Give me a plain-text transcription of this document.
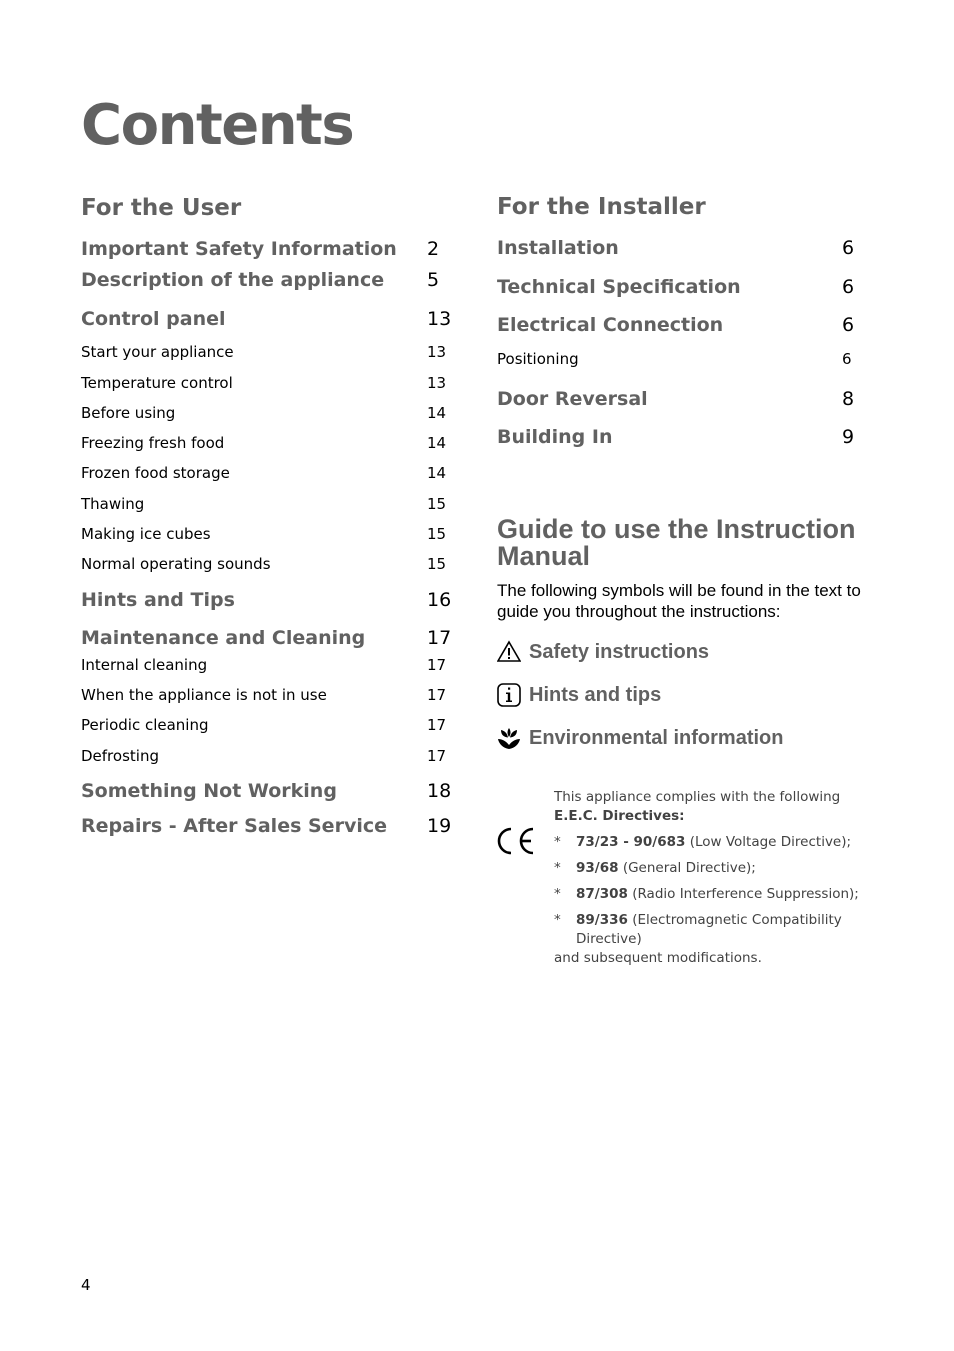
Contents
For the User
Important Safety Information 2
Description of the appliance 5
Control panel	13
Start your appliance	13
Temperature control	13
Before using	14
Freezing fresh food	14
Frozen food storage	14
Thawing	15
Making ice cubes	15
Normal operating sounds	15
Hints and Tips	16
Maintenance and Cleaning	17
Internal cleaning	17
When the appliance is not in use	17
Periodic cleaning	17
Defrosting	17
Something Not Working	18
Repairs - After Sales Service 19
For the Installer
Installation	6
Technical Specification	6
Electrical Connection	6
Positioning	6
Door Reversal	8
Building In	9
Guide to use the Instruction Manual
The following symbols will be found in the text to guide you throughout the instructions:
Safety instructions
Hints and tips
Environmental information
This appliance complies with the following
E.E.C. Directives:
* 73/23 - 90/683 (Low Voltage Directive);
* 93/68 (General Directive);
* 87/308 (Radio Interference Suppression);
* 89/336 (Electromagnetic Compatibility Directive)
and subsequent modifications.
4
